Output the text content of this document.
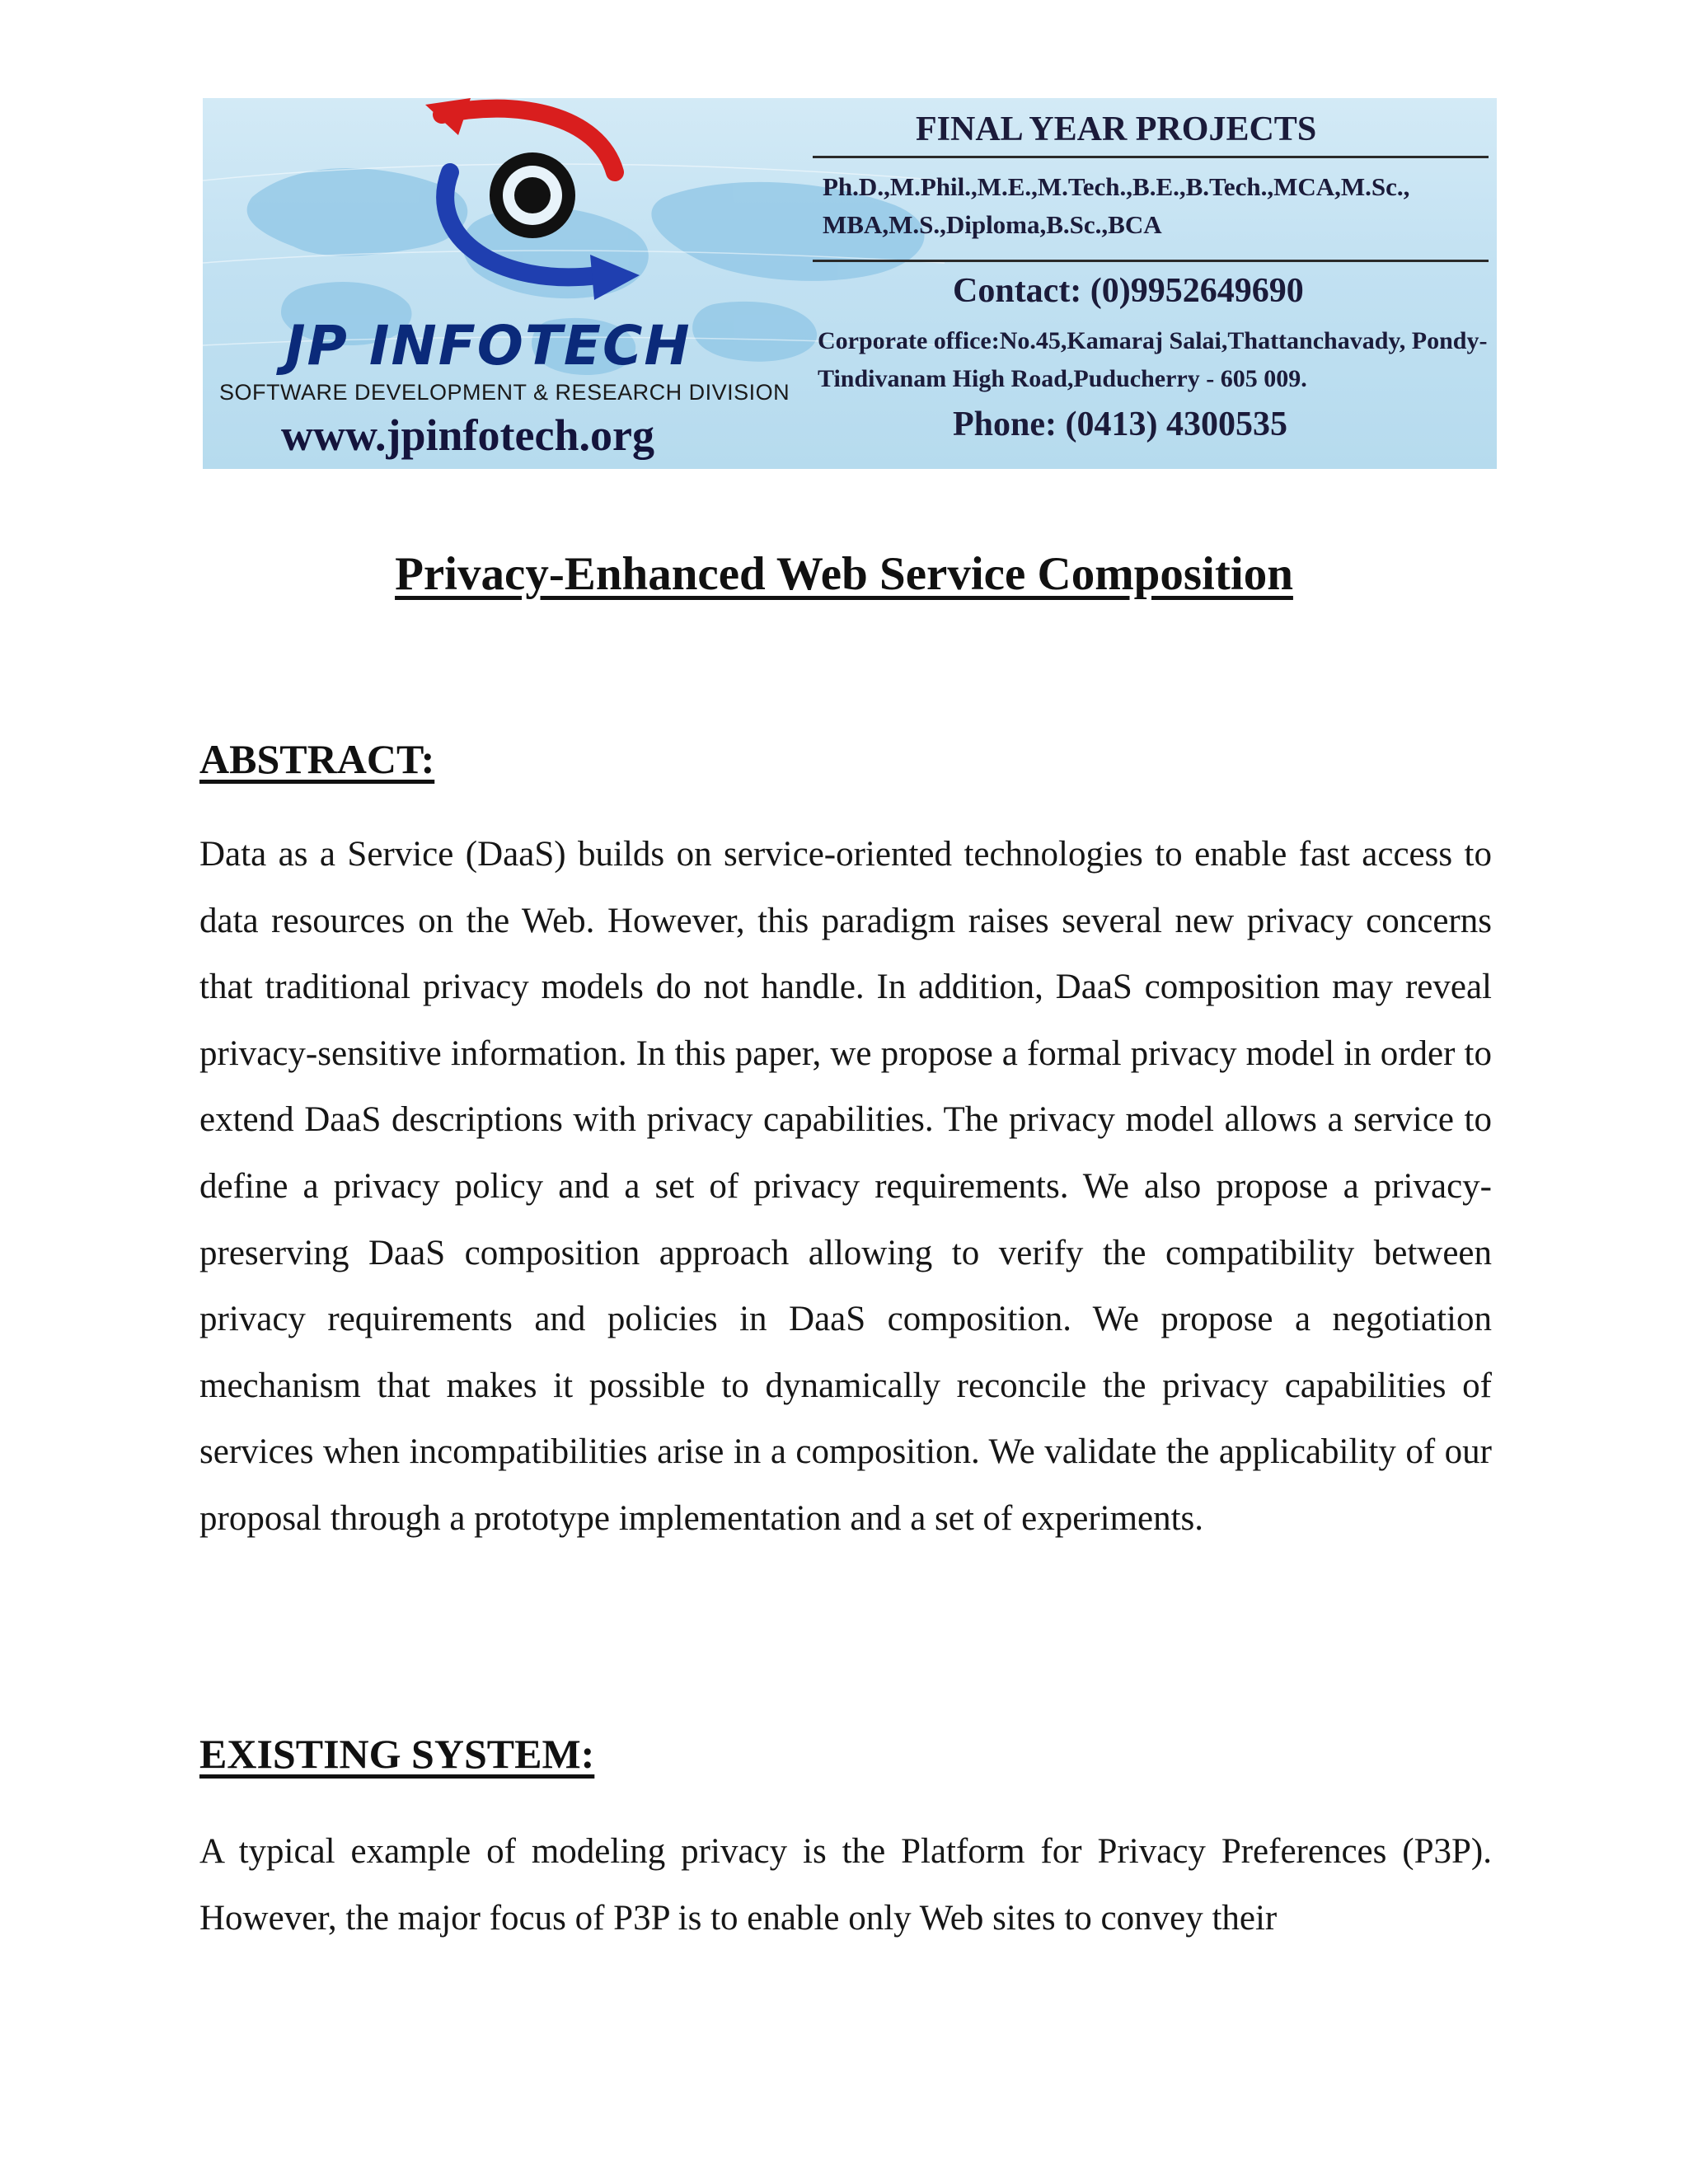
JP INFOTECH
SOFTWARE DEVELOPMENT & RESEARCH DIVISION
www.jpinfotech.org
FINAL YEAR PROJECTS
Ph.D.,M.Phil.,M.E.,M.Tech.,B.E.,B.Tech.,MCA,M.Sc., MBA,M.S.,Diploma,B.Sc.,BCA
Contact: (0)9952649690
Corporate office:No.45,Kamaraj Salai,Thattanchavady, Pondy-Tindivanam High Road,Puducherry - 605 009.
Phone: (0413) 4300535
Privacy-Enhanced Web Service Composition
ABSTRACT:
Data as a Service (DaaS) builds on service-oriented technologies to enable fast access to data resources on the Web. However, this paradigm raises several new privacy concerns that traditional privacy models do not handle. In addition, DaaS composition may reveal privacy-sensitive information. In this paper, we propose a formal privacy model in order to extend DaaS descriptions with privacy capabilities. The privacy model allows a service to define a privacy policy and a set of privacy requirements. We also propose a privacy-preserving DaaS composition approach allowing to verify the compatibility between privacy requirements and policies in DaaS composition. We propose a negotiation mechanism that makes it possible to dynamically reconcile the privacy capabilities of services when incompatibilities arise in a composition. We validate the applicability of our proposal through a prototype implementation and a set of experiments.
EXISTING SYSTEM:
A typical example of modeling privacy is the Platform for Privacy Preferences (P3P). However, the major focus of P3P is to enable only Web sites to convey their
